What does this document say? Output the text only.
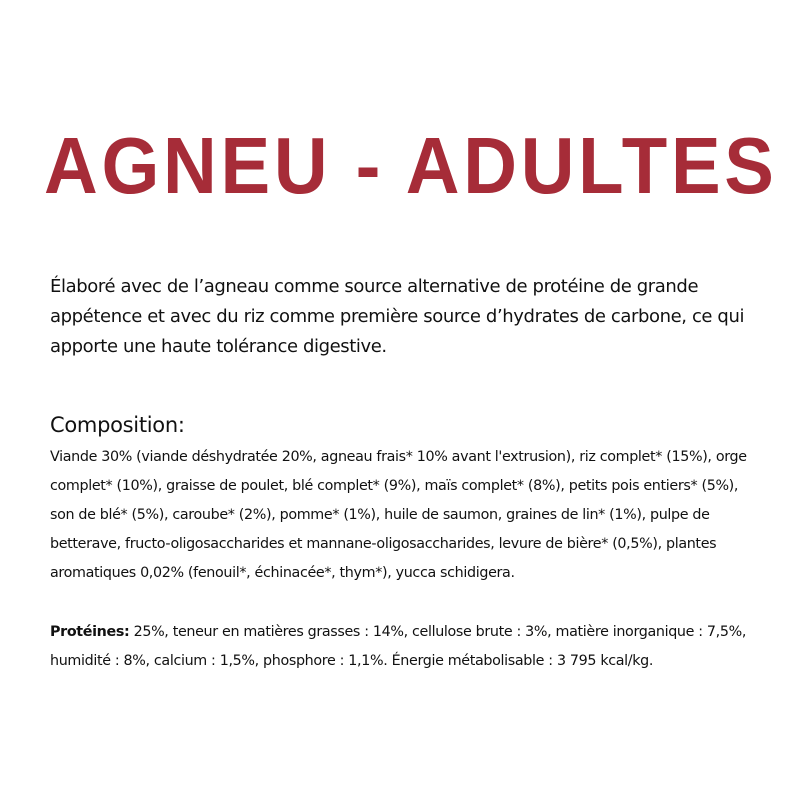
AGNEU - ADULTES

Élaboré avec de l’agneau comme source alternative de protéine de grande appétence et avec du riz comme première source d’hydrates de carbone, ce qui apporte une haute tolérance digestive.

Composition:

Viande 30% (viande déshydratée 20%, agneau frais* 10% avant l'extrusion), riz complet* (15%), orge complet* (10%), graisse de poulet, blé complet* (9%), maïs complet* (8%), petits pois entiers* (5%), son de blé* (5%), caroube* (2%), pomme* (1%), huile de saumon, graines de lin* (1%), pulpe de betterave, fructo-oligosaccharides et mannane-oligosaccharides, levure de bière* (0,5%), plantes aromatiques 0,02% (fenouil*, échinacée*, thym*), yucca schidigera.

Protéines: 25%, teneur en matières grasses : 14%, cellulose brute : 3%, matière inorganique : 7,5%, humidité : 8%, calcium : 1,5%, phosphore : 1,1%. Énergie métabolisable : 3 795 kcal/kg.
